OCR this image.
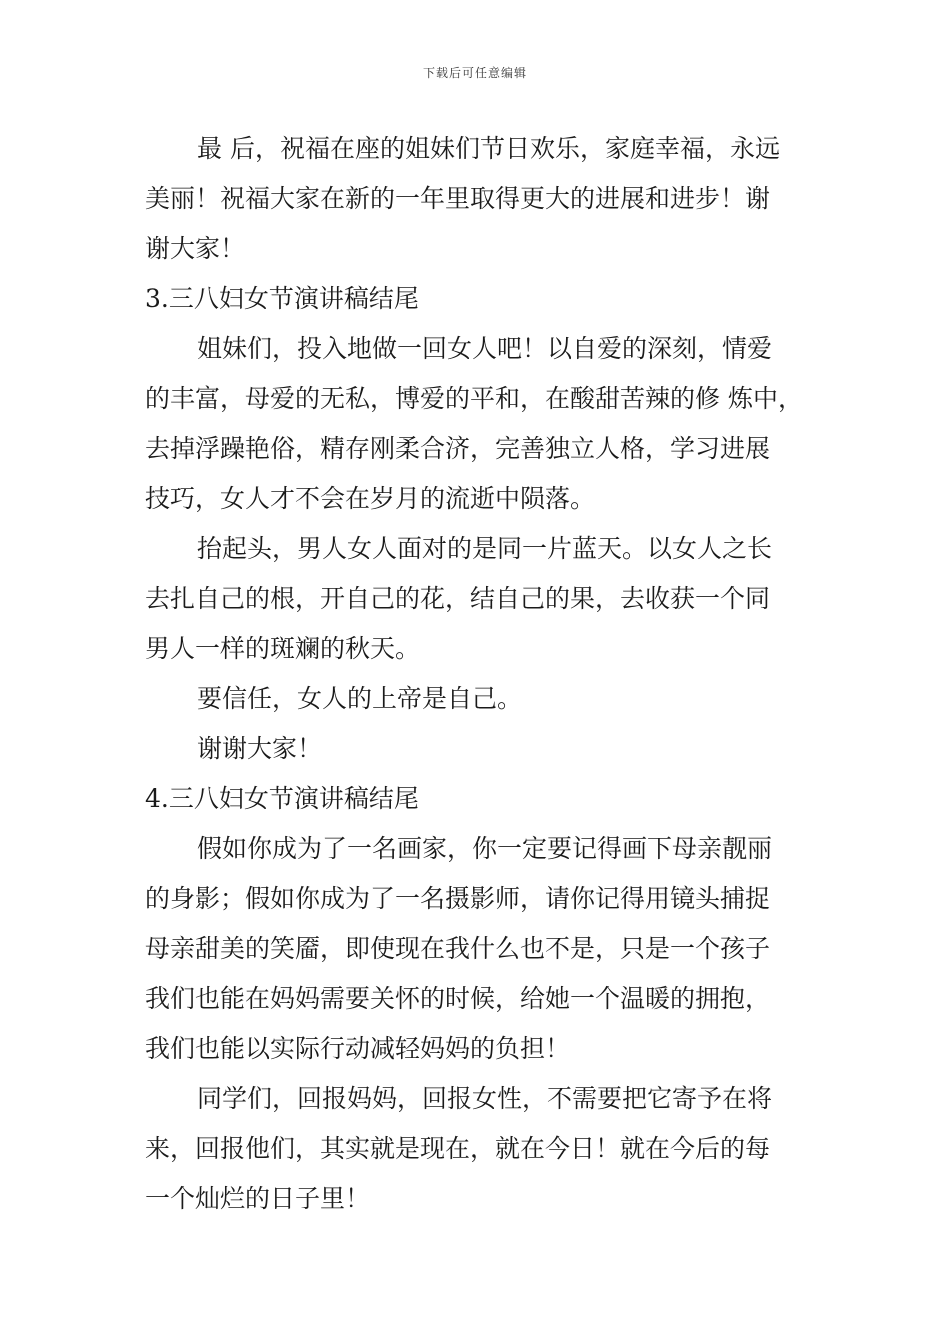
下载后可任意编辑
最 后，祝福在座的姐妹们节日欢乐，家庭幸福，永远
美丽！祝福大家在新的一年里取得更大的进展和进步！谢
谢大家！
3.三八妇女节演讲稿结尾
姐妹们，投入地做一回女人吧！以自爱的深刻，情爱
的丰富，母爱的无私，博爱的平和，在酸甜苦辣的修 炼中，
去掉浮躁艳俗，精存刚柔合济，完善独立人格，学习进展
技巧，女人才不会在岁月的流逝中陨落。
抬起头，男人女人面对的是同一片蓝天。以女人之长
去扎自己的根，开自己的花，结自己的果，去收获一个同
男人一样的斑斓的秋天。
要信任，女人的上帝是自己。
谢谢大家！
4.三八妇女节演讲稿结尾
假如你成为了一名画家，你一定要记得画下母亲靓丽
的身影；假如你成为了一名摄影师，请你记得用镜头捕捉
母亲甜美的笑靥，即使现在我什么也不是，只是一个孩子
我们也能在妈妈需要关怀的时候，给她一个温暖的拥抱，
我们也能以实际行动减轻妈妈的负担！
同学们，回报妈妈，回报女性，不需要把它寄予在将
来，回报他们，其实就是现在，就在今日！就在今后的每
一个灿烂的日子里！
